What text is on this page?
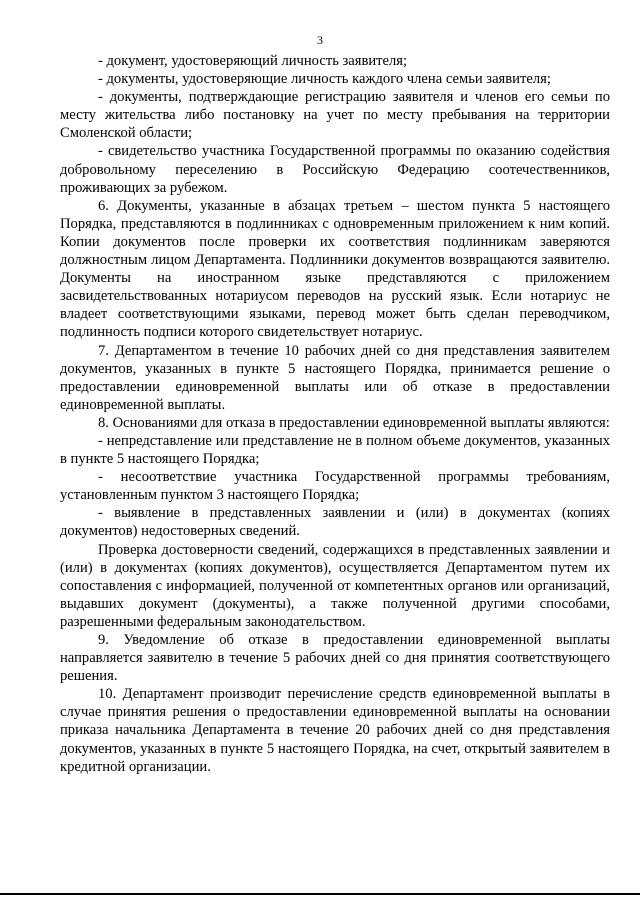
3

- документ, удостоверяющий личность заявителя;

- документы, удостоверяющие личность каждого члена семьи заявителя;

- документы, подтверждающие регистрацию заявителя и членов его семьи по месту жительства либо постановку на учет по месту пребывания на территории Смоленской области;

- свидетельство участника Государственной программы по оказанию содействия добровольному переселению в Российскую Федерацию соотечественников, проживающих за рубежом.

6. Документы, указанные в абзацах третьем – шестом пункта 5 настоящего Порядка, представляются в подлинниках с одновременным приложением к ним копий. Копии документов после проверки их соответствия подлинникам заверяются должностным лицом Департамента. Подлинники документов возвращаются заявителю. Документы на иностранном языке представляются с приложением засвидетельствованных нотариусом переводов на русский язык. Если нотариус не владеет соответствующими языками, перевод может быть сделан переводчиком, подлинность подписи которого свидетельствует нотариус.

7. Департаментом в течение 10 рабочих дней со дня представления заявителем документов, указанных в пункте 5 настоящего Порядка, принимается решение о предоставлении единовременной выплаты или об отказе в предоставлении единовременной выплаты.

8. Основаниями для отказа в предоставлении единовременной выплаты являются:

- непредставление или представление не в полном объеме документов, указанных в пункте 5 настоящего Порядка;

- несоответствие участника Государственной программы требованиям, установленным пунктом 3 настоящего Порядка;

- выявление в представленных заявлении и (или) в документах (копиях документов) недостоверных сведений.

Проверка достоверности сведений, содержащихся в представленных заявлении и (или) в документах (копиях документов), осуществляется Департаментом путем их сопоставления с информацией, полученной от компетентных органов или организаций, выдавших документ (документы), а также полученной другими способами, разрешенными федеральным законодательством.

9. Уведомление об отказе в предоставлении единовременной выплаты направляется заявителю в течение 5 рабочих дней со дня принятия соответствующего решения.

10. Департамент производит перечисление средств единовременной выплаты в случае принятия решения о предоставлении единовременной выплаты на основании приказа начальника Департамента в течение 20 рабочих дней со дня представления документов, указанных в пункте 5 настоящего Порядка, на счет, открытый заявителем в кредитной организации.
